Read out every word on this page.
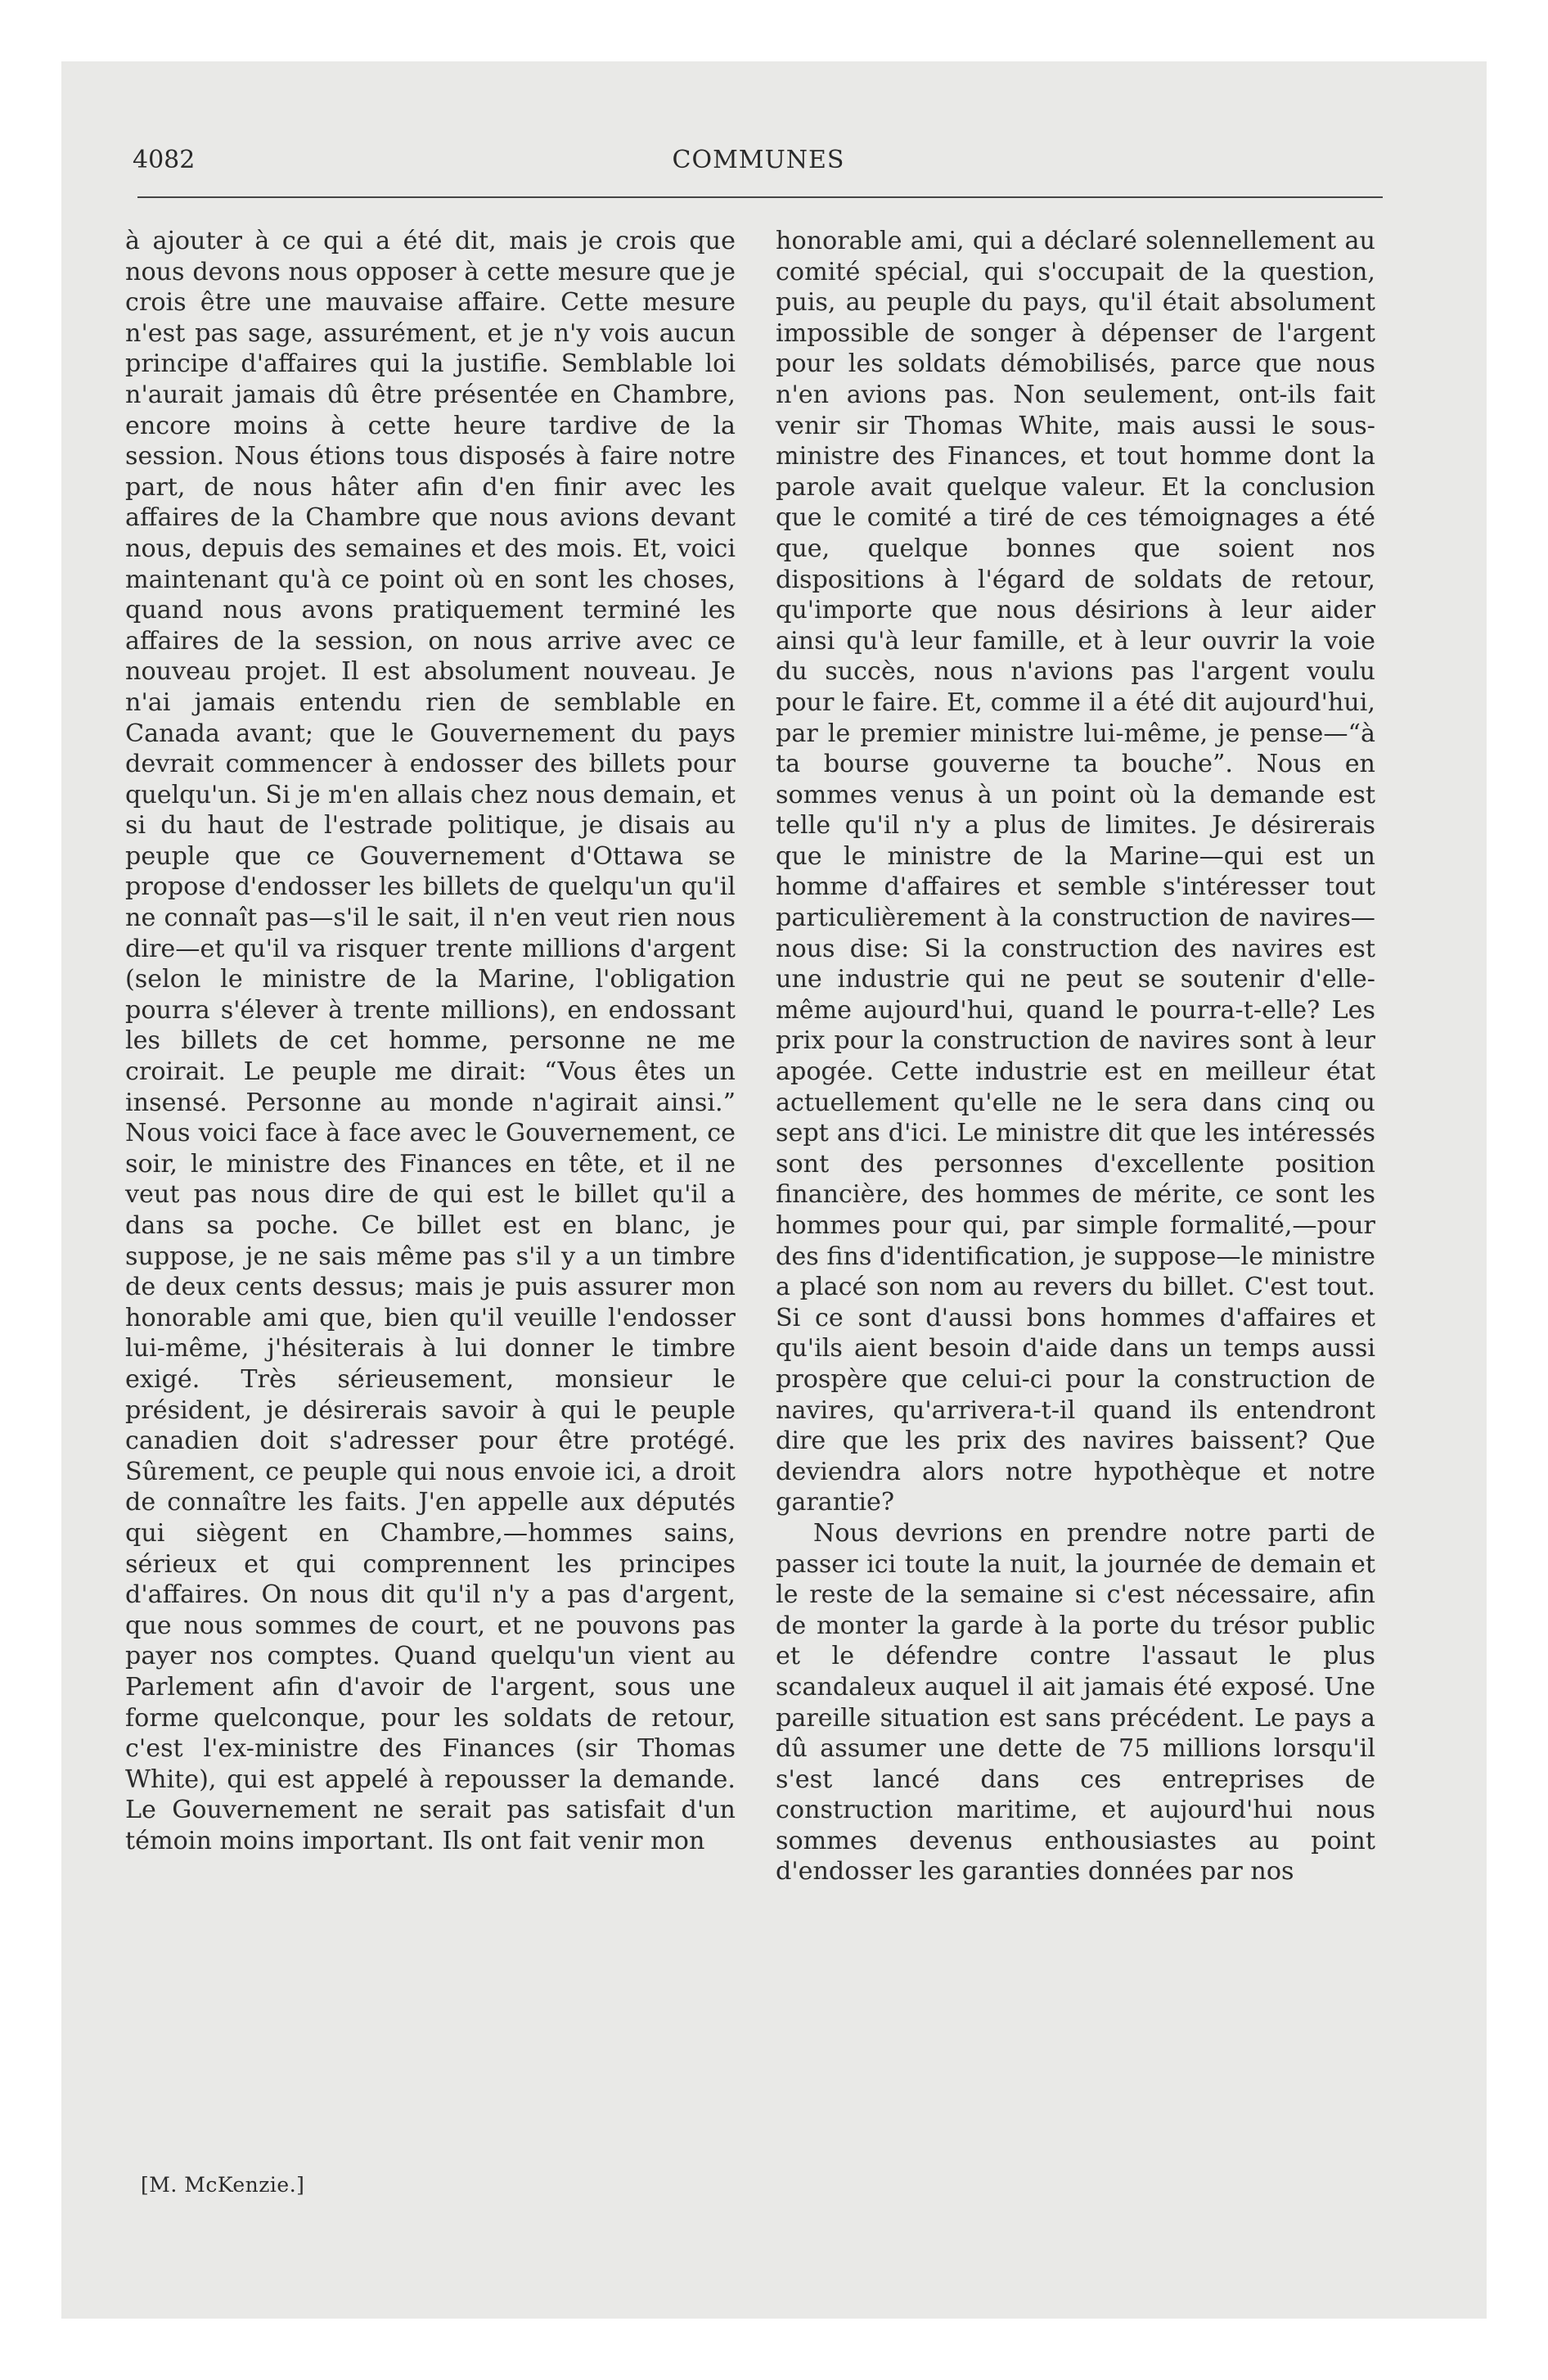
4082	COMMUNES

à ajouter à ce qui a été dit, mais je crois que nous devons nous opposer à cette mesure que je crois être une mauvaise affaire. Cette mesure n'est pas sage, assurément, et je n'y vois aucun principe d'affaires qui la justifie. Semblable loi n'aurait jamais dû être présentée en Chambre, encore moins à cette heure tardive de la session. Nous étions tous disposés à faire notre part, de nous hâter afin d'en finir avec les affaires de la Chambre que nous avions devant nous, depuis des semaines et des mois. Et, voici maintenant qu'à ce point où en sont les choses, quand nous avons pratiquement terminé les affaires de la session, on nous arrive avec ce nouveau projet. Il est absolument nouveau. Je n'ai jamais entendu rien de semblable en Canada avant; que le Gouvernement du pays devrait commencer à endosser des billets pour quelqu'un. Si je m'en allais chez nous demain, et si du haut de l'estrade politique, je disais au peuple que ce Gouvernement d'Ottawa se propose d'endosser les billets de quelqu'un qu'il ne connaît pas—s'il le sait, il n'en veut rien nous dire—et qu'il va risquer trente millions d'argent (selon le ministre de la Marine, l'obligation pourra s'élever à trente millions), en endossant les billets de cet homme, personne ne me croirait. Le peuple me dirait: “Vous êtes un insensé. Personne au monde n'agirait ainsi.” Nous voici face à face avec le Gouvernement, ce soir, le ministre des Finances en tête, et il ne veut pas nous dire de qui est le billet qu'il a dans sa poche. Ce billet est en blanc, je suppose, je ne sais même pas s'il y a un timbre de deux cents dessus; mais je puis assurer mon honorable ami que, bien qu'il veuille l'endosser lui-même, j'hésiterais à lui donner le timbre exigé. Très sérieusement, monsieur le président, je désirerais savoir à qui le peuple canadien doit s'adresser pour être protégé. Sûrement, ce peuple qui nous envoie ici, a droit de connaître les faits. J'en appelle aux députés qui siègent en Chambre,—hommes sains, sérieux et qui comprennent les principes d'affaires. On nous dit qu'il n'y a pas d'argent, que nous sommes de court, et ne pouvons pas payer nos comptes. Quand quelqu'un vient au Parlement afin d'avoir de l'argent, sous une forme quelconque, pour les soldats de retour, c'est l'ex-ministre des Finances (sir Thomas White), qui est appelé à repousser la demande. Le Gouvernement ne serait pas satisfait d'un témoin moins important. Ils ont fait venir mon

honorable ami, qui a déclaré solennellement au comité spécial, qui s'occupait de la question, puis, au peuple du pays, qu'il était absolument impossible de songer à dépenser de l'argent pour les soldats démobilisés, parce que nous n'en avions pas. Non seulement, ont-ils fait venir sir Thomas White, mais aussi le sous-ministre des Finances, et tout homme dont la parole avait quelque valeur. Et la conclusion que le comité a tiré de ces témoignages a été que, quelque bonnes que soient nos dispositions à l'égard de soldats de retour, qu'importe que nous désirions à leur aider ainsi qu'à leur famille, et à leur ouvrir la voie du succès, nous n'avions pas l'argent voulu pour le faire. Et, comme il a été dit aujourd'hui, par le premier ministre lui-même, je pense—“à ta bourse gouverne ta bouche”. Nous en sommes venus à un point où la demande est telle qu'il n'y a plus de limites. Je désirerais que le ministre de la Marine—qui est un homme d'affaires et semble s'intéresser tout particulièrement à la construction de navires—nous dise: Si la construction des navires est une industrie qui ne peut se soutenir d'elle-même aujourd'hui, quand le pourra-t-elle? Les prix pour la construction de navires sont à leur apogée. Cette industrie est en meilleur état actuellement qu'elle ne le sera dans cinq ou sept ans d'ici. Le ministre dit que les intéressés sont des personnes d'excellente position financière, des hommes de mérite, ce sont les hommes pour qui, par simple formalité,—pour des fins d'identification, je suppose—le ministre a placé son nom au revers du billet. C'est tout. Si ce sont d'aussi bons hommes d'affaires et qu'ils aient besoin d'aide dans un temps aussi prospère que celui-ci pour la construction de navires, qu'arrivera-t-il quand ils entendront dire que les prix des navires baissent? Que deviendra alors notre hypothèque et notre garantie?

Nous devrions en prendre notre parti de passer ici toute la nuit, la journée de demain et le reste de la semaine si c'est nécessaire, afin de monter la garde à la porte du trésor public et le défendre contre l'assaut le plus scandaleux auquel il ait jamais été exposé. Une pareille situation est sans précédent. Le pays a dû assumer une dette de 75 millions lorsqu'il s'est lancé dans ces entreprises de construction maritime, et aujourd'hui nous sommes devenus enthousiastes au point d'endosser les garanties données par nos

[M. McKenzie.]
